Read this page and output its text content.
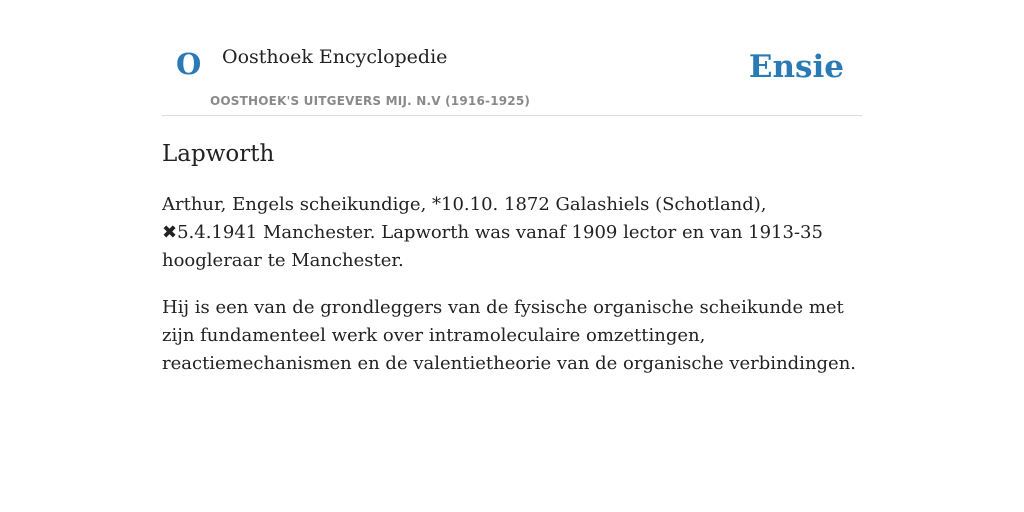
O Oosthoek Encyclopedie
OOSTHOEK'S UITGEVERS MIJ. N.V (1916-1925)
Ensie
Lapworth

Arthur, Engels scheikundige, *10.10. 1872 Galashiels (Schotland), ✖5.4.1941 Manchester. Lapworth was vanaf 1909 lector en van 1913-35 hoogleraar te Manchester.

Hij is een van de grondleggers van de fysische organische scheikunde met zijn fundamenteel werk over intramoleculaire omzettingen, reactiemechanismen en de valentietheorie van de organische verbindingen.
